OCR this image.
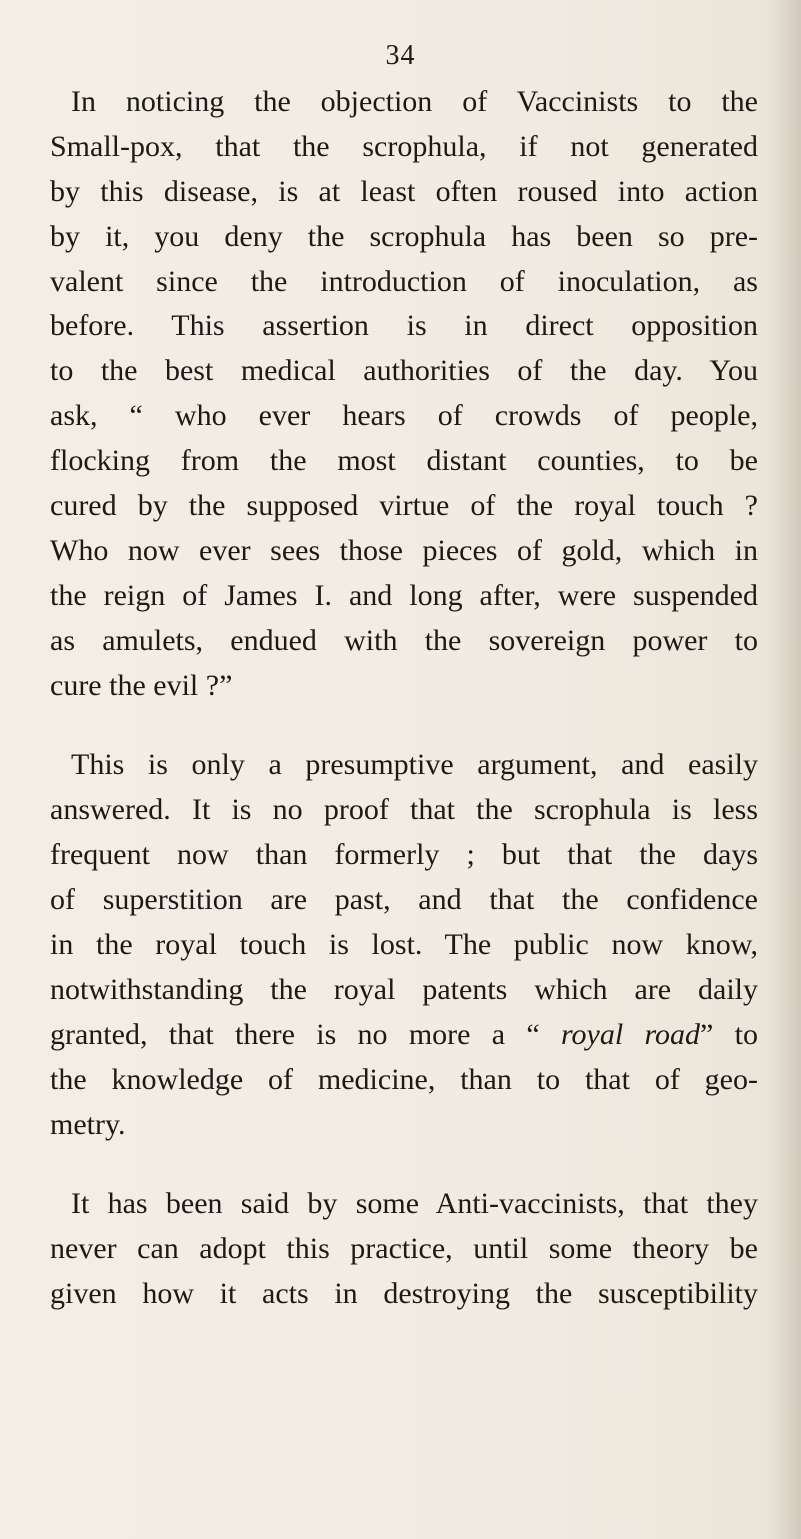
34
In noticing the objection of Vaccinists to the
Small-pox, that the scrophula, if not generated
by this disease, is at least often roused into action
by it, you deny the scrophula has been so pre-
valent since the introduction of inoculation, as
before. This assertion is in direct opposition
to the best medical authorities of the day. You
ask, “ who ever hears of crowds of people,
flocking from the most distant counties, to be
cured by the supposed virtue of the royal touch ?
Who now ever sees those pieces of gold, which in
the reign of James I. and long after, were suspended
as amulets, endued with the sovereign power to
cure the evil ?”
This is only a presumptive argument, and easily
answered. It is no proof that the scrophula is less
frequent now than formerly ; but that the days
of superstition are past, and that the confidence
in the royal touch is lost. The public now know,
notwithstanding the royal patents which are daily
granted, that there is no more a “ royal road” to
the knowledge of medicine, than to that of geo-
metry.
It has been said by some Anti-vaccinists, that they
never can adopt this practice, until some theory be
given how it acts in destroying the susceptibility
